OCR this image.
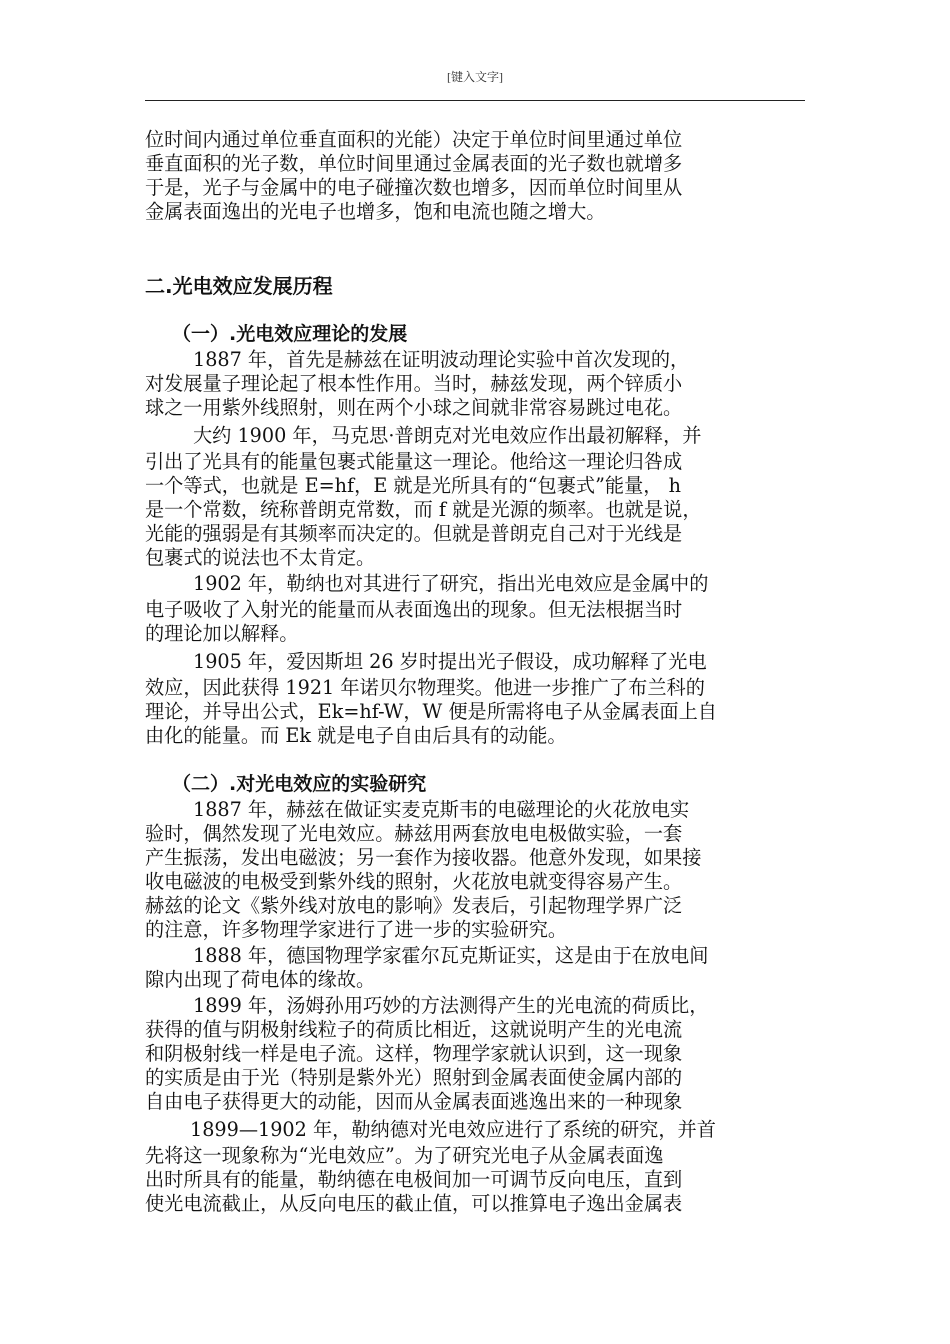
[键入文字]
位时间内通过单位垂直面积的光能）决定于单位时间里通过单位
垂直面积的光子数，单位时间里通过金属表面的光子数也就增多
于是，光子与金属中的电子碰撞次数也增多，因而单位时间里从
金属表面逸出的光电子也增多，饱和电流也随之增大。
二.光电效应发展历程
（一）.光电效应理论的发展
1887 年，首先是赫兹在证明波动理论实验中首次发现的，
对发展量子理论起了根本性作用。当时，赫兹发现，两个锌质小
球之一用紫外线照射，则在两个小球之间就非常容易跳过电花。
大约 1900 年，马克思·普朗克对光电效应作出最初解释，并
引出了光具有的能量包裹式能量这一理论。他给这一理论归咎成
一个等式，也就是 E=hf，E 就是光所具有的“包裹式”能量， h
是一个常数，统称普朗克常数，而 f 就是光源的频率。也就是说，
光能的强弱是有其频率而决定的。但就是普朗克自己对于光线是
包裹式的说法也不太肯定。
1902 年，勒纳也对其进行了研究，指出光电效应是金属中的
电子吸收了入射光的能量而从表面逸出的现象。但无法根据当时
的理论加以解释。
1905 年，爱因斯坦 26 岁时提出光子假设，成功解释了光电
效应，因此获得 1921 年诺贝尔物理奖。他进一步推广了布兰科的
理论，并导出公式，Ek=hf-W，W 便是所需将电子从金属表面上自
由化的能量。而 Ek 就是电子自由后具有的动能。
（二）.对光电效应的实验研究
1887 年，赫兹在做证实麦克斯韦的电磁理论的火花放电实
验时，偶然发现了光电效应。赫兹用两套放电电极做实验，一套
产生振荡，发出电磁波；另一套作为接收器。他意外发现，如果接
收电磁波的电极受到紫外线的照射，火花放电就变得容易产生。
赫兹的论文《紫外线对放电的影响》发表后，引起物理学界广泛
的注意，许多物理学家进行了进一步的实验研究。
1888 年，德国物理学家霍尔瓦克斯证实，这是由于在放电间
隙内出现了荷电体的缘故。
1899 年，汤姆孙用巧妙的方法测得产生的光电流的荷质比，
获得的值与阴极射线粒子的荷质比相近，这就说明产生的光电流
和阴极射线一样是电子流。这样，物理学家就认识到，这一现象
的实质是由于光（特别是紫外光）照射到金属表面使金属内部的
自由电子获得更大的动能，因而从金属表面逃逸出来的一种现象
1899—1902 年，勒纳德对光电效应进行了系统的研究，并首
先将这一现象称为“光电效应”。为了研究光电子从金属表面逸
出时所具有的能量，勒纳德在电极间加一可调节反向电压，直到
使光电流截止，从反向电压的截止值，可以推算电子逸出金属表
